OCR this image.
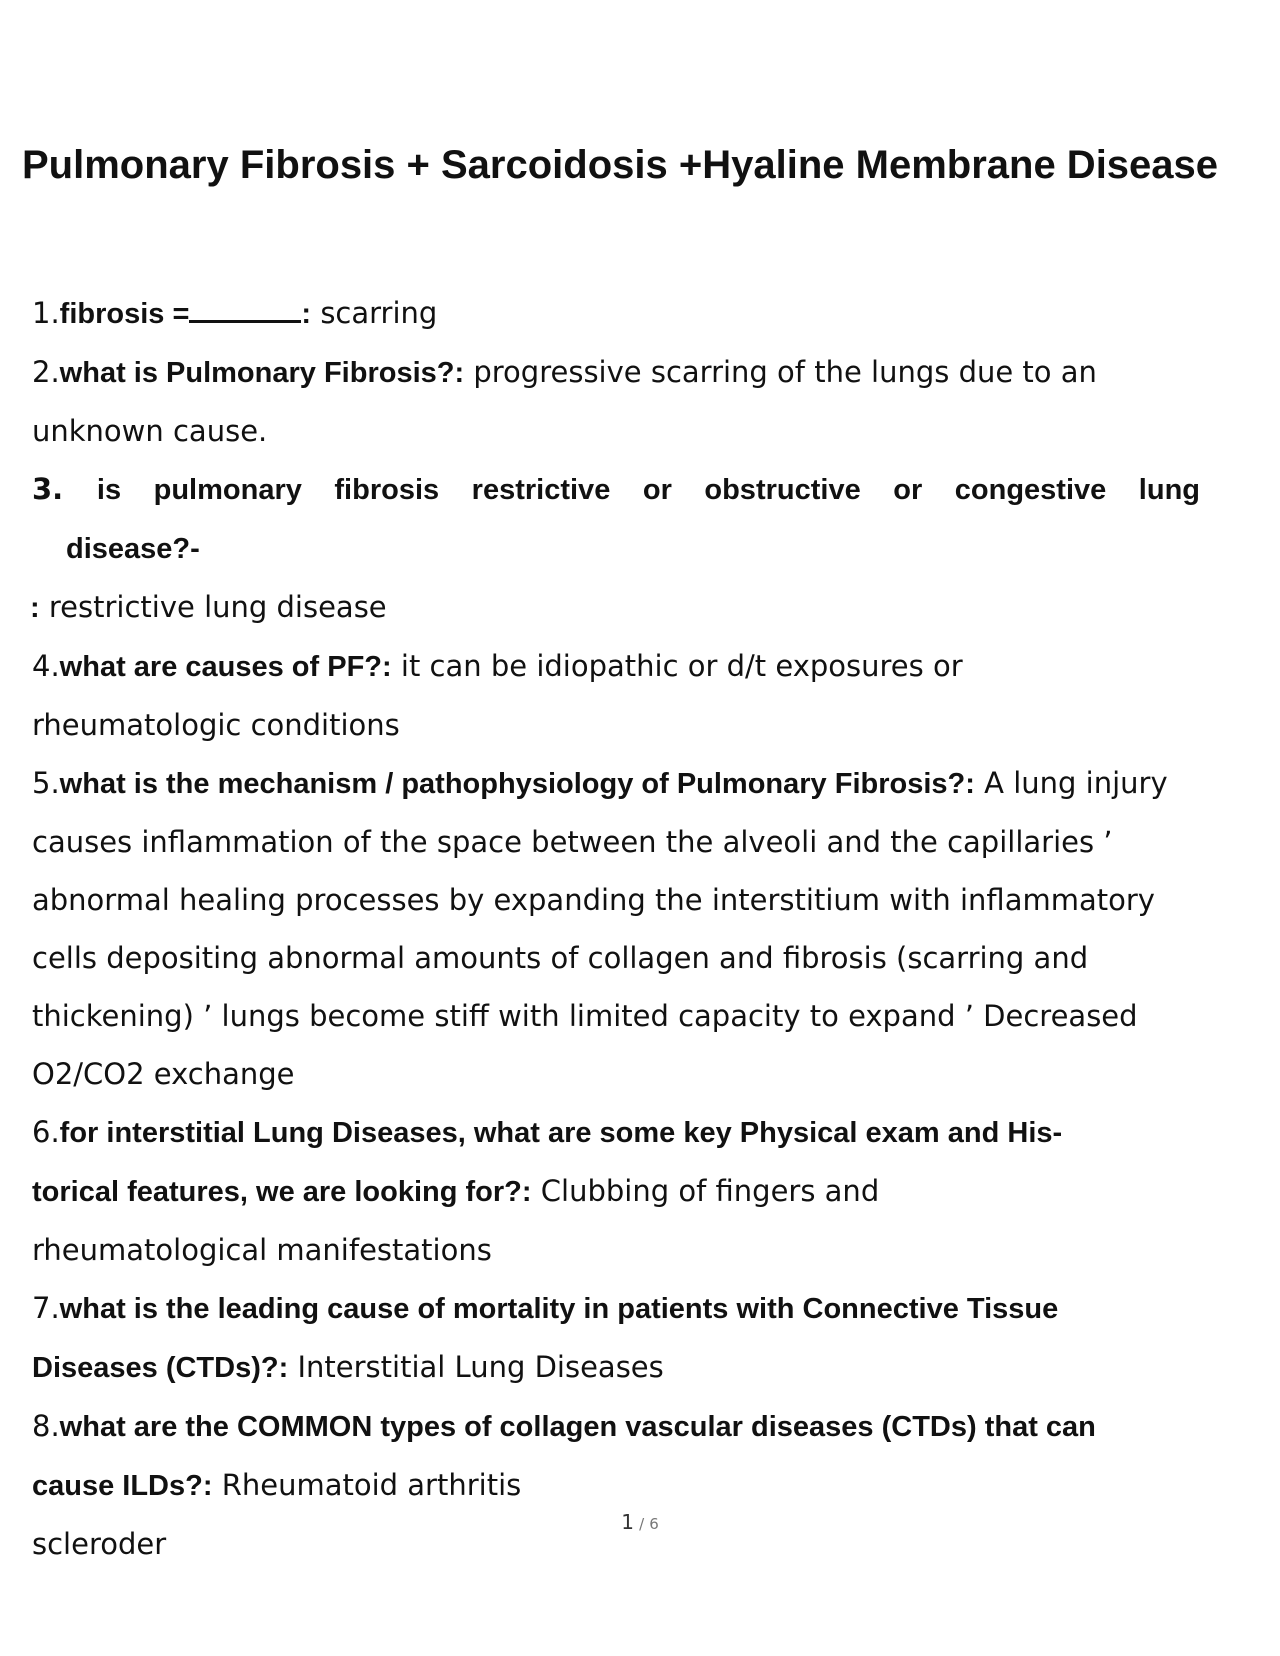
Pulmonary Fibrosis + Sarcoidosis +Hyaline Membrane Disease
1.fibrosis =	: scarring
2.what is Pulmonary Fibrosis?: progressive scarring of the lungs due to an unknown cause.
3. is pulmonary fibrosis restrictive or obstructive or congestive lung
disease?-
: restrictive lung disease
4.what are causes of PF?: it can be idiopathic or d/t exposures or rheumatologic conditions
5.what is the mechanism / pathophysiology of Pulmonary Fibrosis?: A lung injury causes inflammation of the space between the alveoli and the capillaries ’ abnormal healing processes by expanding the interstitium with inflammatory cells depositing abnormal amounts of collagen and fibrosis (scarring and thickening) ’ lungs become stiff with limited capacity to expand ’ Decreased O2/CO2 exchange
6.for interstitial Lung Diseases, what are some key Physical exam and His- torical features, we are looking for?: Clubbing of fingers and rheumatological manifestations
7.what is the leading cause of mortality in patients with Connective Tissue Diseases (CTDs)?: Interstitial Lung Diseases
8.what are the COMMON types of collagen vascular diseases (CTDs) that can cause ILDs?: Rheumatoid arthritis
scleroder
1 / 6
